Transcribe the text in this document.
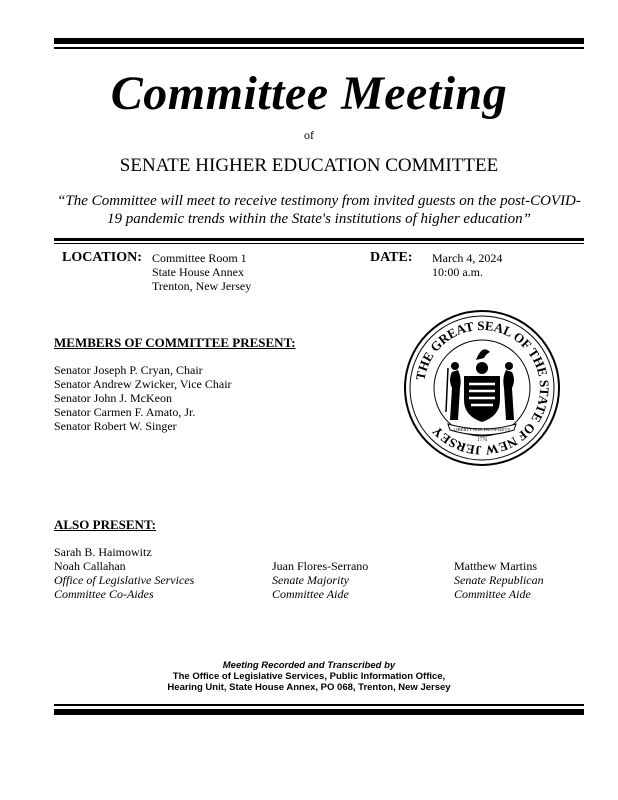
Committee Meeting
of
SENATE HIGHER EDUCATION COMMITTEE
“The Committee will meet to receive testimony from invited guests on the post-COVID-19 pandemic trends within the State's institutions of higher education”
LOCATION: Committee Room 1
State House Annex
Trenton, New Jersey
DATE: March 4, 2024
10:00 a.m.
MEMBERS OF COMMITTEE PRESENT:
Senator Joseph P. Cryan, Chair
Senator Andrew Zwicker, Vice Chair
Senator John J. McKeon
Senator Carmen F. Amato, Jr.
Senator Robert W. Singer
THE GREAT SEAL OF THE STATE OF NEW JERSEY	LIBERTY AND PROSPERITY
1776
ALSO PRESENT:
Sarah B. Haimowitz
Noah Callahan
Office of Legislative Services
Committee Co-Aides
Juan Flores-Serrano
Senate Majority
Committee Aide
Matthew Martins
Senate Republican
Committee Aide
Meeting Recorded and Transcribed by
The Office of Legislative Services, Public Information Office,
Hearing Unit, State House Annex, PO 068, Trenton, New Jersey
